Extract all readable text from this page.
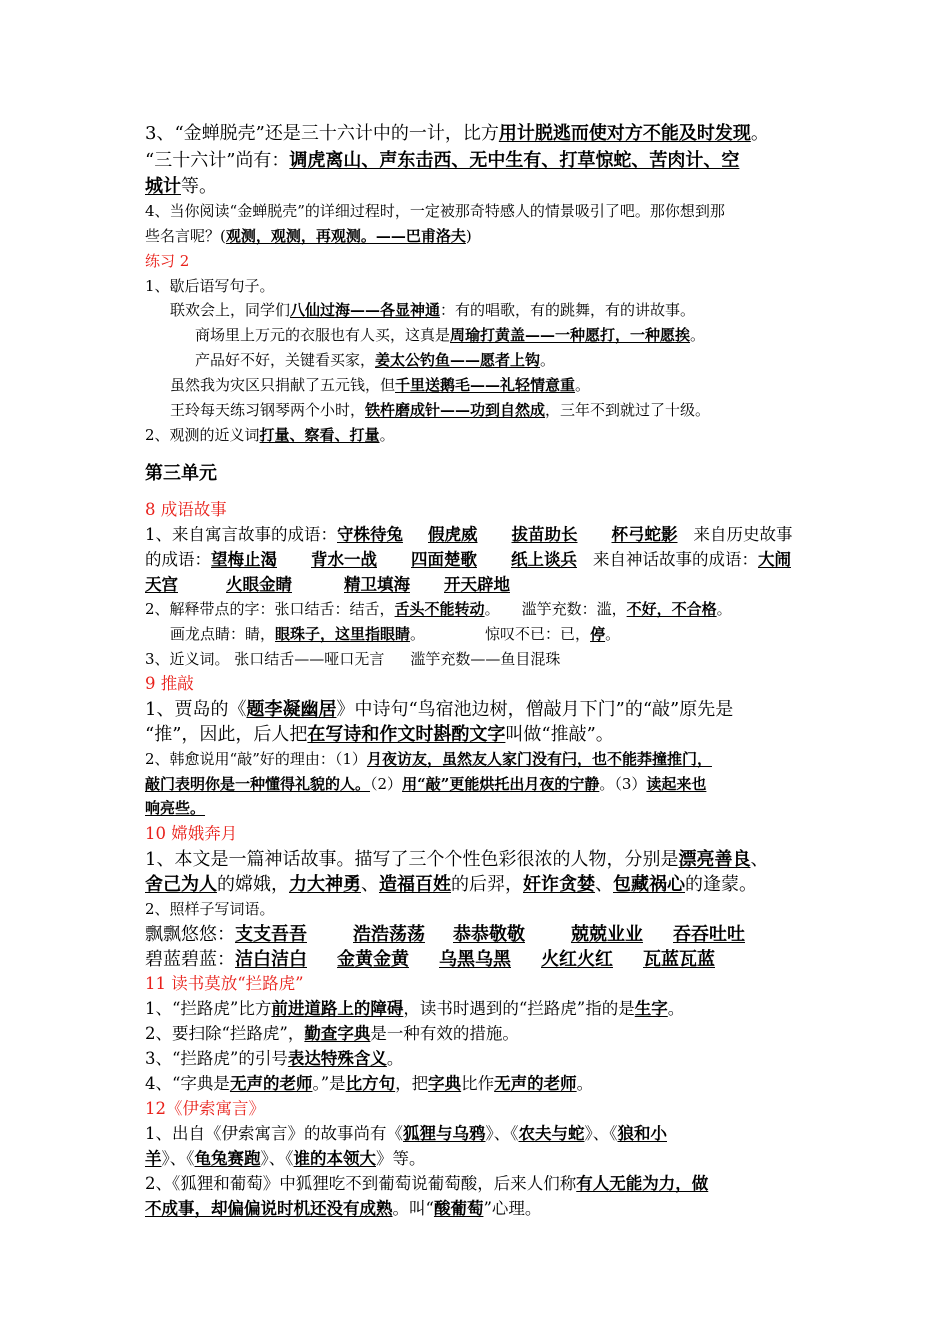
3、“金蝉脱壳”还是三十六计中的一计，比方用计脱逃而使对方不能及时发现。
“三十六计”尚有：调虎离山、声东击西、无中生有、打草惊蛇、苦肉计、空
城计等。
4、当你阅读“金蝉脱壳”的详细过程时，一定被那奇特感人的情景吸引了吧。那你想到那
些名言呢？(观测，观测，再观测。——巴甫洛夫)
练习 2
1、歇后语写句子。
联欢会上，同学们八仙过海——各显神通：有的唱歌，有的跳舞，有的讲故事。
商场里上万元的衣服也有人买，这真是周瑜打黄盖——一种愿打，一种愿挨。
产品好不好，关键看买家，姜太公钓鱼——愿者上钩。
虽然我为灾区只捐献了五元钱，但千里送鹅毛——礼轻情意重。
王玲每天练习钢琴两个小时，铁杵磨成针——功到自然成，三年不到就过了十级。
2、观测的近义词打量、察看、打量。
第三单元
8 成语故事
1、来自寓言故事的成语：守株待兔 假虎威 拔苗助长 杯弓蛇影 来自历史故事
的成语：望梅止渴 背水一战 四面楚歌 纸上谈兵 来自神话故事的成语：大闹
天宫	火眼金睛	精卫填海 开天辟地
2、解释带点的字：张口结舌：结舌，舌头不能转动。 滥竽充数：滥，不好，不合格。
画龙点睛：睛，眼珠子，这里指眼睛。	惊叹不已：已，停。
3、近义词。 张口结舌——哑口无言 滥竽充数——鱼目混珠
9 推敲
1、贾岛的《题李凝幽居》中诗句“鸟宿池边树，僧敲月下门”的“敲”原先是
“推”，因此，后人把在写诗和作文时斟酌文字叫做“推敲”。
2、韩愈说用“敲”好的理由：（1）月夜访友，虽然友人家门没有闩，也不能莽撞推门，
敲门表明你是一种懂得礼貌的人。（2）用“敲”更能烘托出月夜的宁静。（3）读起来也
响亮些。
10 嫦娥奔月
1、本文是一篇神话故事。描写了三个个性色彩很浓的人物，分别是漂亮善良、
舍己为人的嫦娥，力大神勇、造福百姓的后羿，奸诈贪婪、包藏祸心的逢蒙。
2、照样子写词语。
飘飘悠悠：支支吾吾	浩浩荡荡 恭恭敬敬	兢兢业业 吞吞吐吐
碧蓝碧蓝：洁白洁白 金黄金黄 乌黑乌黑 火红火红 瓦蓝瓦蓝
11 读书莫放“拦路虎”
1、“拦路虎”比方前进道路上的障碍，读书时遇到的“拦路虎”指的是生字。
2、要扫除“拦路虎”，勤查字典是一种有效的措施。
3、“拦路虎”的引号表达特殊含义。
4、“字典是无声的老师。”是比方句，把字典比作无声的老师。
12《伊索寓言》
1、出自《伊索寓言》的故事尚有《狐狸与乌鸦》、《农夫与蛇》、《狼和小
羊》、《龟兔赛跑》、《谁的本领大》等。
2、《狐狸和葡萄》中狐狸吃不到葡萄说葡萄酸，后来人们称有人无能为力，做
不成事，却偏偏说时机还没有成熟。叫“酸葡萄”心理。
